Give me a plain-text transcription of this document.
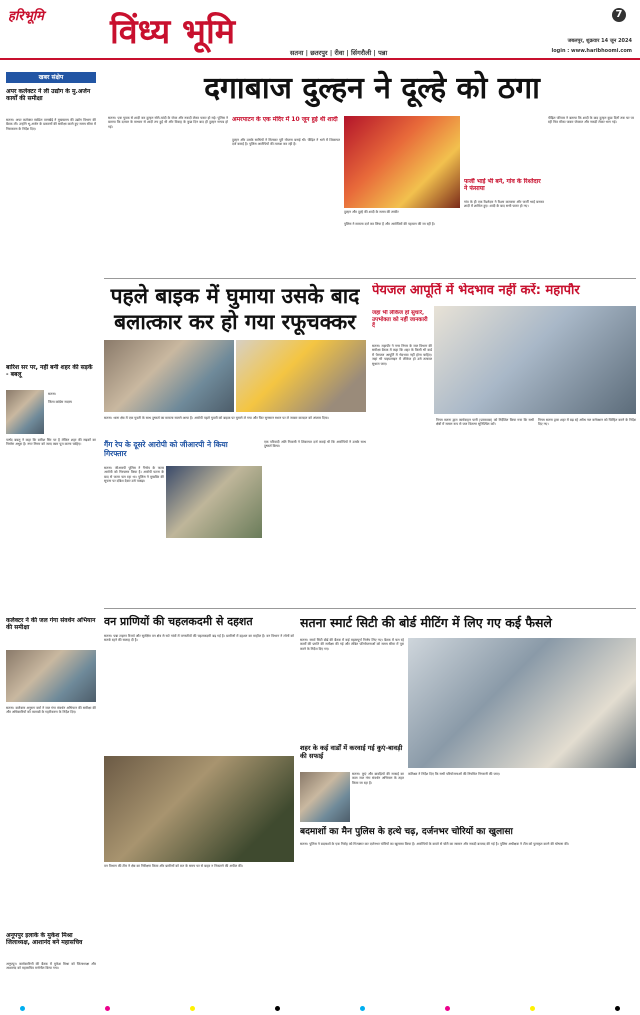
हरिभूमि विंध्य भूमि	7
सतना | छतरपुर | रीवा | सिंगरौली | पन्ना
जबलपुर, शुक्रवार 14 जून 2024
login : www.haribhoomi.com
खबर संक्षेप
अपर कलेक्टर ने ली उद्योग के मु.अर्जन कार्यों की समीक्षा
सतना। अपर कलेक्टर स्वप्निल वानखेड़े ने मुख्यालय की उद्योग विभाग की बैठक ली। उन्होंने भू-अर्जन के प्रकरणों की समीक्षा करते हुए समय सीमा में निराकरण के निर्देश दिए।
बारिश सर पर, नहीं बनी शहर की सड़कें - बबलू
सतना।
जिला कांग्रेस सदस्य
पार्षद बबलू ने कहा कि बारिश सिर पर है लेकिन शहर की सड़कों का निर्माण अधूरा है। नगर निगम को जल्द काम पूरा करना चाहिए।
कलेक्टर ने की जल गंगा संवर्धन अभियान की समीक्षा
सतना। कलेक्टर अनुराग वर्मा ने जल गंगा संवर्धन अभियान की समीक्षा की और अधिकारियों को तालाबों के गहरीकरण के निर्देश दिए।
अनूपपुर इलाके के मुकेश मिश्रा जिलाध्यक्ष, आशानंद बने महासचिव
अनूपपुर। कार्यकारिणी की बैठक में मुकेश मिश्रा को जिलाध्यक्ष और आशानंद को महासचिव मनोनीत किया गया।
दगाबाज दुल्हन ने दूल्हे को ठगा
सतना। एक युवक से शादी कर दुल्हन सोने-चांदी के जेवर और नकदी लेकर फरार हो गई। पुलिस ने बताया कि दलाल के माध्यम से शादी तय हुई थी और विवाह के कुछ दिन बाद ही दुल्हन गायब हो गई।
अमरपाटन के एक मंदिर में 10 जून हुई थी शादी
दुल्हन और उसके साथियों ने मिलकर पूरी योजना बनाई थी। पीड़ित ने थाने में शिकायत दर्ज कराई है। पुलिस आरोपियों की तलाश कर रही है।
दुल्हन और दूल्हे की शादी के समय की तस्वीर
पुलिस ने मामला दर्ज कर लिया है और आरोपियों की पहचान की जा रही है।
फर्जी भाई भी बने, गांव के रिश्तेदार ने फंसाया
गांव के ही एक रिश्तेदार ने रिश्ता करवाया और फर्जी भाई बनकर शादी में शामिल हुए। शादी के बाद सभी फरार हो गए।
पीड़ित परिवार ने बताया कि शादी के बाद दुल्हन कुछ दिनों तक घर पर रही फिर मौका पाकर जेवरात और नकदी लेकर भाग गई।
पहले बाइक में घुमाया उसके बाद
बलात्कार कर हो गया रफूचक्कर
सतना। थाना क्षेत्र में एक युवती के साथ दुष्कर्म का मामला सामने आया है। आरोपी पहले युवती को बाइक पर घुमाने ले गया और फिर सुनसान स्थान पर ले जाकर वारदात को अंजाम दिया।
गैंग रेप के दूसरे आरोपी को जीआरपी ने किया गिरफ्तार
सतना। जीआरपी पुलिस ने गैंगरेप के फरार आरोपी को गिरफ्तार किया है। आरोपी घटना के बाद से फरार चल रहा था। पुलिस ने मुखबिर की सूचना पर दबिश देकर उसे पकड़ा।
एक परिवादी अति निवासी ने शिकायत दर्ज कराई थी कि आरोपियों ने उसके साथ दुष्कर्म किया।
पेयजल आपूर्ति में भेदभाव नहीं करें: महापौर
जहां भी लीकेज हो सुधारें, उपभोक्ता को नहीं जानकारी दें
सतना। महापौर ने नगर निगम के जल विभाग की समीक्षा बैठक में कहा कि शहर के किसी भी वार्ड में पेयजल आपूर्ति में भेदभाव नहीं होना चाहिए। जहां भी पाइपलाइन में लीकेज हो उसे तत्काल सुधारा जाए।
निगम सतना द्वारा कार्यवाहन पानी (प्रस्तावक) को निर्देशित किया गया कि सभी क्षेत्रों में समान रूप से जल वितरण सुनिश्चित करें।
निगम सतना द्वारा शहर में बढ़ रहे अवैध नल कनेक्शन को चिन्हित करने के निर्देश दिए गए।
वन प्राणियों की चहलकदमी से दहशत
सतना। पन्ना टाइगर रिजर्व और सुरक्षित वन क्षेत्र से सटे गांवों में वन्यजीवों की चहलकदमी बढ़ गई है। ग्रामीणों में दहशत का माहौल है। वन विभाग ने लोगों को सतर्क रहने की सलाह दी है।
वन विभाग की टीम ने क्षेत्र का निरीक्षण किया और ग्रामीणों को रात के समय घर से बाहर न निकलने की अपील की।
सतना स्मार्ट सिटी की बोर्ड मीटिंग में लिए गए कई फैसले
सतना। स्मार्ट सिटी बोर्ड की बैठक में कई महत्वपूर्ण निर्णय लिए गए। बैठक में चल रहे कार्यों की प्रगति की समीक्षा की गई और लंबित परियोजनाओं को समय सीमा में पूरा करने के निर्देश दिए गए।
शहर के कई वार्डों में करवाई गई कुएं-बावड़ी की सफाई
सतना। कुएं और बावड़ियों की सफाई का काम जल गंगा संवर्धन अभियान के तहत किया जा रहा है।
कमिश्नर ने निर्देश दिए कि सभी परियोजनाओं की नियमित निगरानी की जाए।
बदमाशों का मैन पुलिस के हत्थे चढ़, दर्जनभर चोरियों का खुलासा
सतना। पुलिस ने बदमाशों के एक गिरोह को गिरफ्तार कर दर्जनभर चोरियों का खुलासा किया है। आरोपियों के कब्जे से चोरी का सामान और नकदी बरामद की गई है। पुलिस अधीक्षक ने टीम को पुरस्कृत करने की घोषणा की।
